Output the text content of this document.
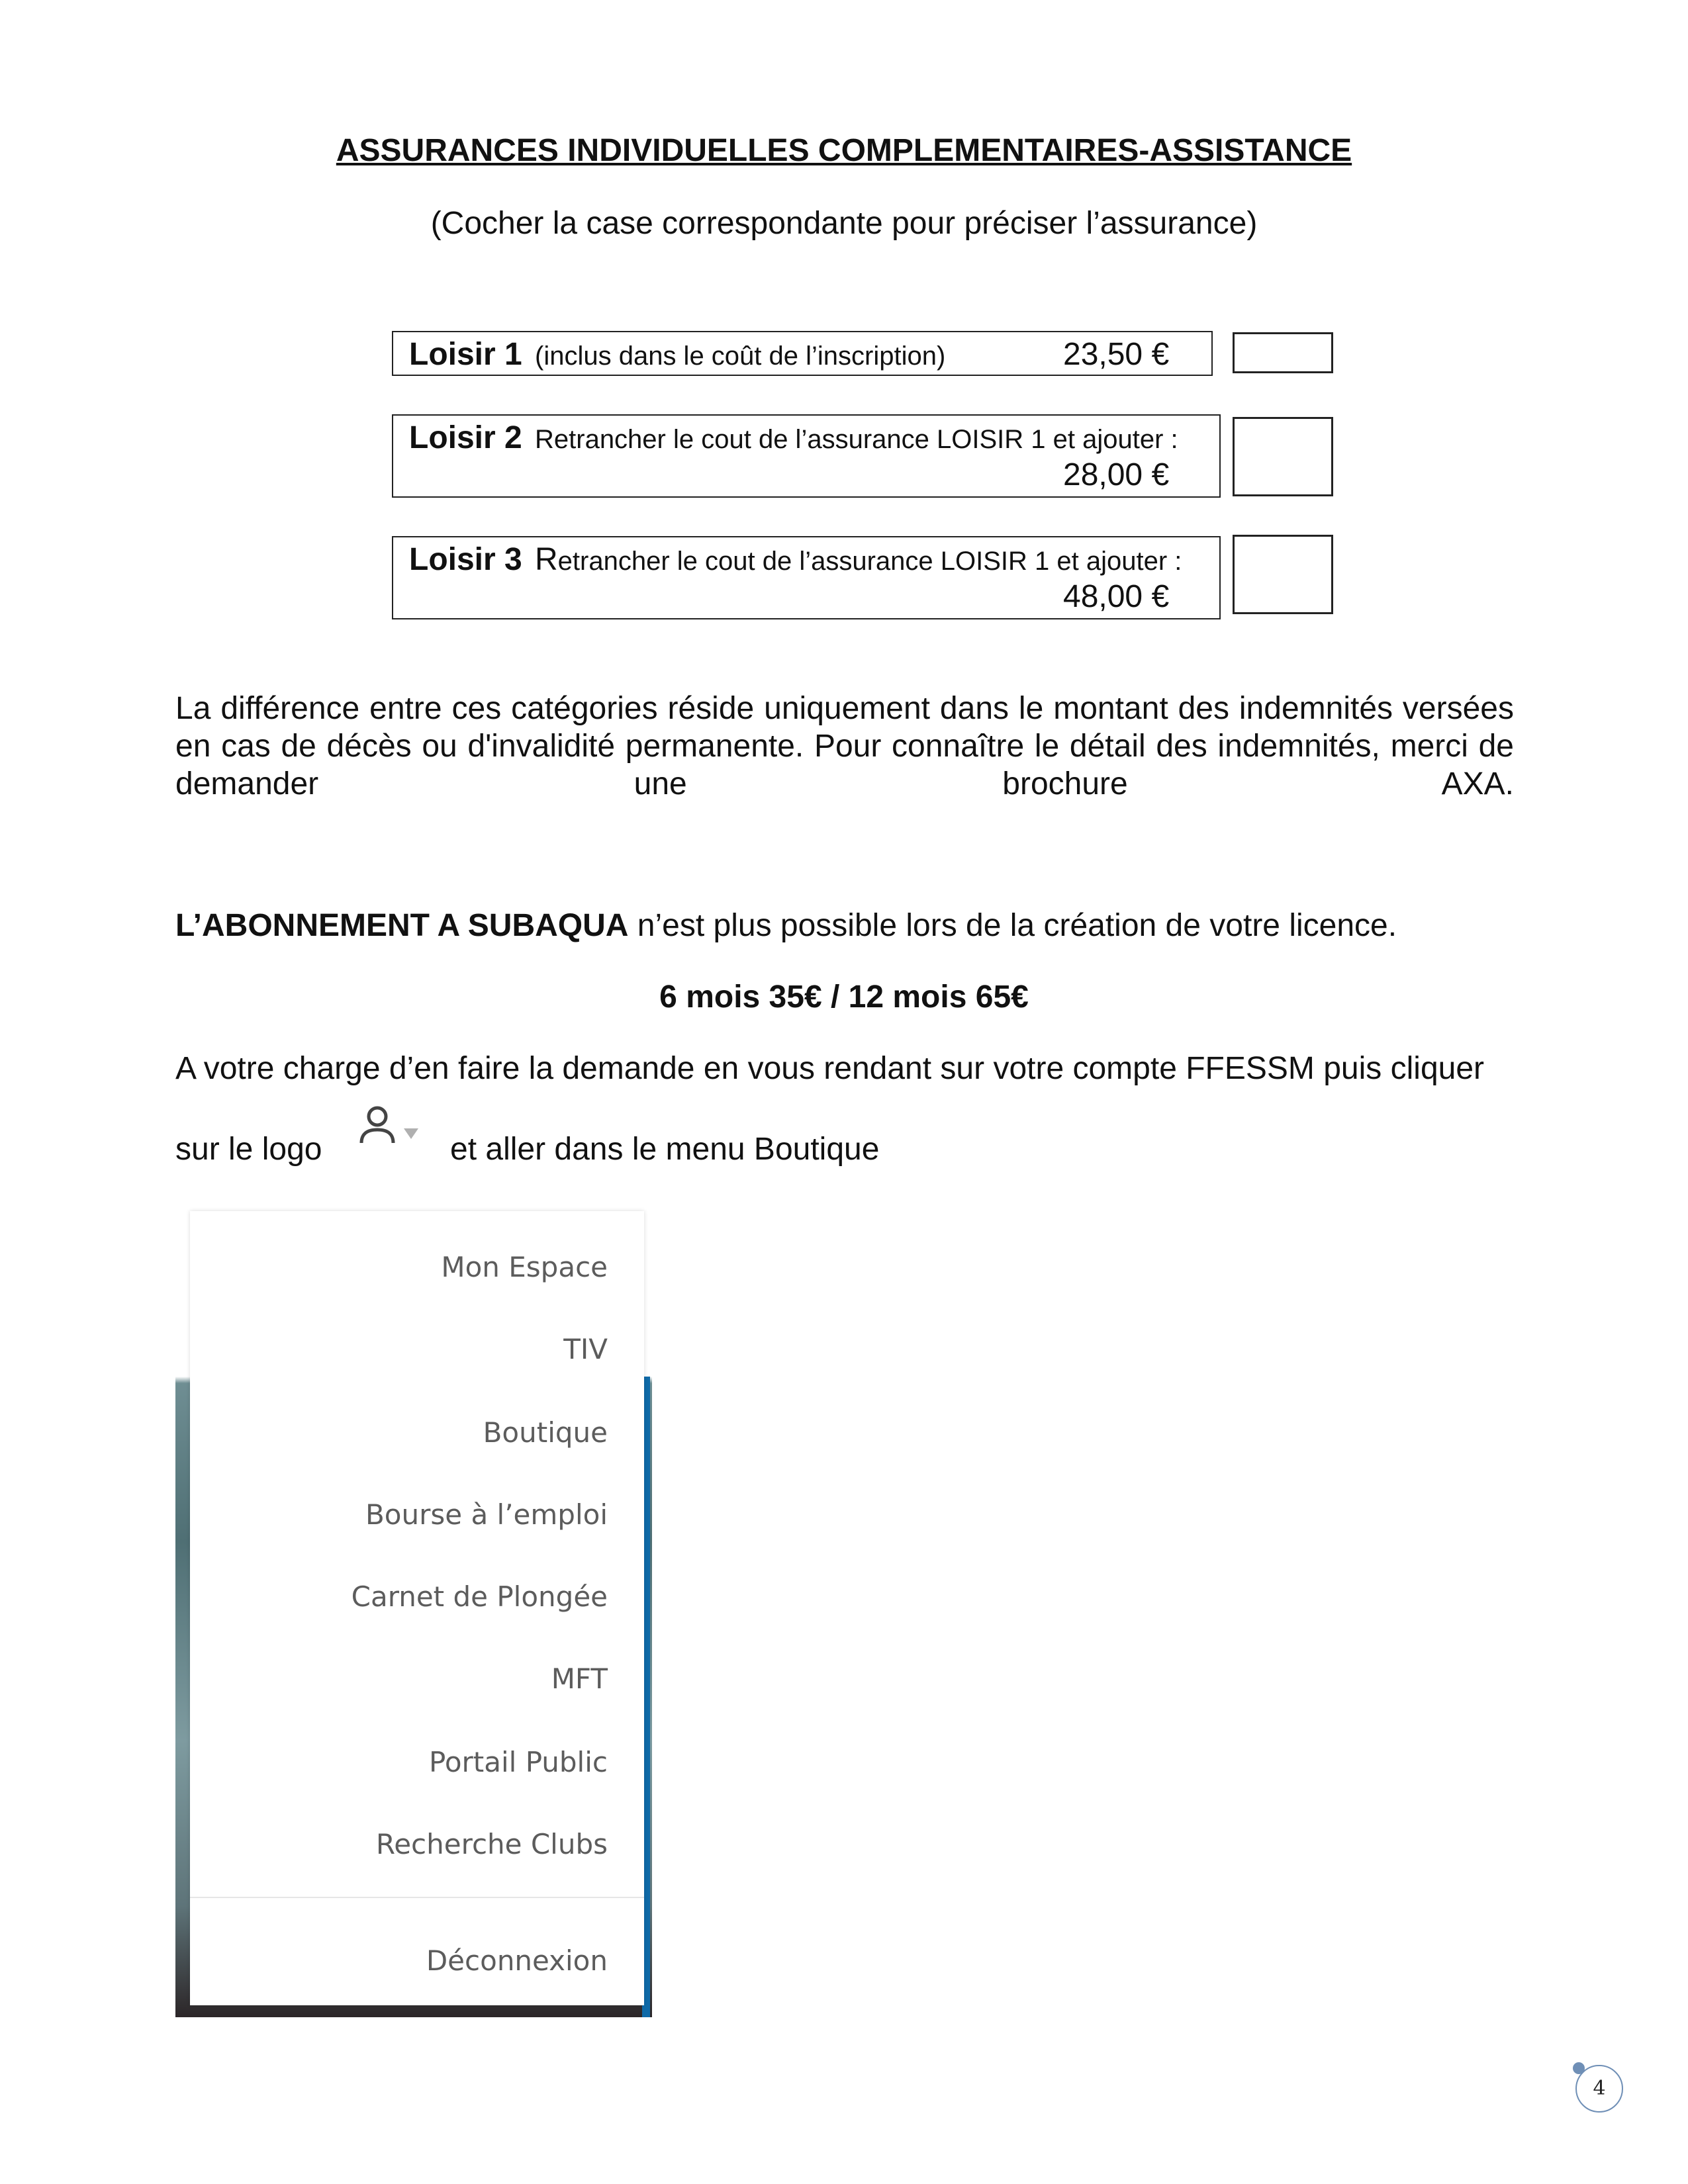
ASSURANCES INDIVIDUELLES COMPLEMENTAIRES-ASSISTANCE
(Cocher la case correspondante pour préciser l’assurance)
Loisir 1 (inclus dans le coût de l’inscription)	23,50 €
Loisir 2 Retrancher le cout de l’assurance LOISIR 1 et ajouter :
28,00 €
Loisir 3 Retrancher le cout de l’assurance LOISIR 1 et ajouter :
48,00 €
La différence entre ces catégories réside uniquement dans le montant des indemnités versées en cas de décès ou d'invalidité permanente. Pour connaître le détail des indemnités, merci de demander une brochure AXA.
L’ABONNEMENT A SUBAQUA n’est plus possible lors de la création de votre licence.
6 mois 35€ / 12 mois 65€
A votre charge d’en faire la demande en vous rendant sur votre compte FFESSM puis cliquer
sur le logo	et aller dans le menu Boutique
Mon Espace
TIV
Boutique
Bourse à l’emploi
Carnet de Plongée
MFT
Portail Public
Recherche Clubs
Déconnexion
4
